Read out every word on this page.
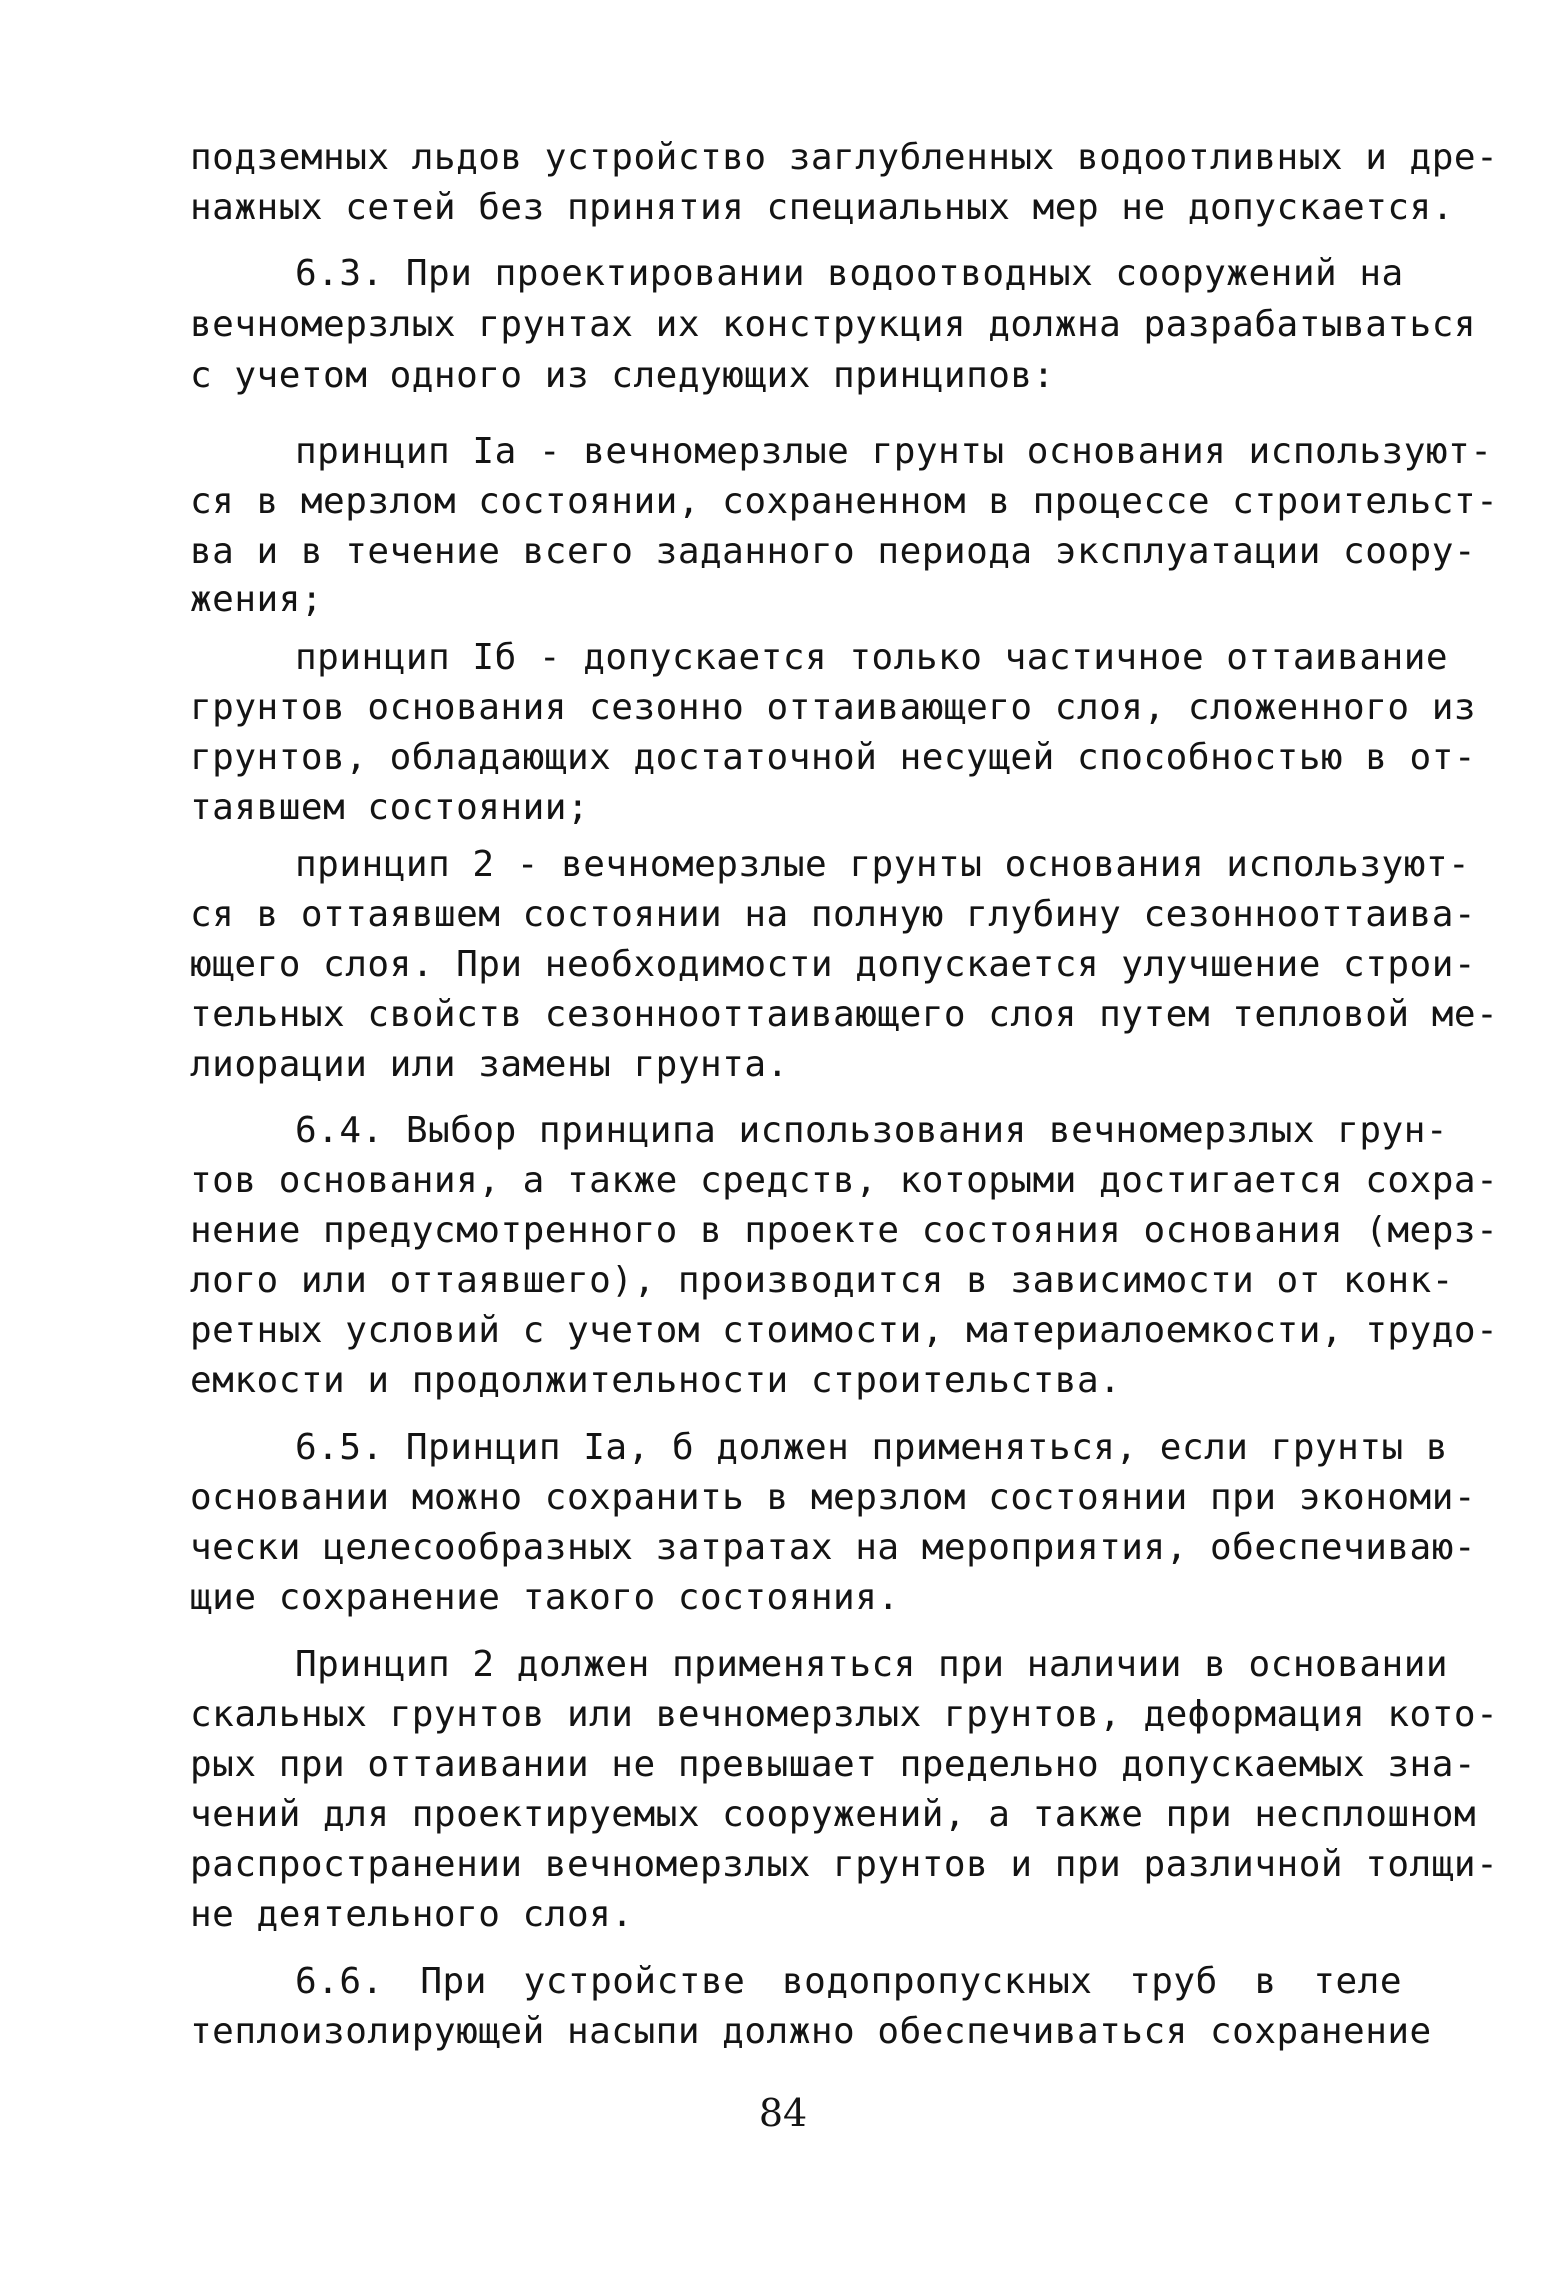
подземных льдов устройство заглубленных водоотливных и дре-
нажных сетей без принятия специальных мер не допускается.
6.3. При проектировании водоотводных сооружений на
вечномерзлых грунтах их конструкция должна разрабатываться
с учетом одного из следующих принципов:
принцип Iа - вечномерзлые грунты основания используют-
ся в мерзлом состоянии, сохраненном в процессе строительст-
ва и в течение всего заданного периода эксплуатации соору-
жения;
принцип Iб - допускается только частичное оттаивание
грунтов основания сезонно оттаивающего слоя, сложенного из
грунтов, обладающих достаточной несущей способностью в от-
таявшем состоянии;
принцип 2 - вечномерзлые грунты основания используют-
ся в оттаявшем состоянии на полную глубину сезоннооттаива-
ющего слоя. При необходимости допускается улучшение строи-
тельных свойств сезоннооттаивающего слоя путем тепловой ме-
лиорации или замены грунта.
6.4. Выбор принципа использования вечномерзлых грун-
тов основания, а также средств, которыми достигается сохра-
нение предусмотренного в проекте состояния основания (мерз-
лого или оттаявшего), производится в зависимости от конк-
ретных условий с учетом стоимости, материалоемкости, трудо-
емкости и продолжительности строительства.
6.5. Принцип Iа, б должен применяться, если грунты в
основании можно сохранить в мерзлом состоянии при экономи-
чески целесообразных затратах на мероприятия, обеспечиваю-
щие сохранение такого состояния.
Принцип 2 должен применяться при наличии в основании
скальных грунтов или вечномерзлых грунтов, деформация кото-
рых при оттаивании не превышает предельно допускаемых зна-
чений для проектируемых сооружений, а также при несплошном
распространении вечномерзлых грунтов и при различной толщи-
не деятельного слоя.
6.6. При устройстве водопропускных труб в теле
теплоизолирующей насыпи должно обеспечиваться сохранение
84
